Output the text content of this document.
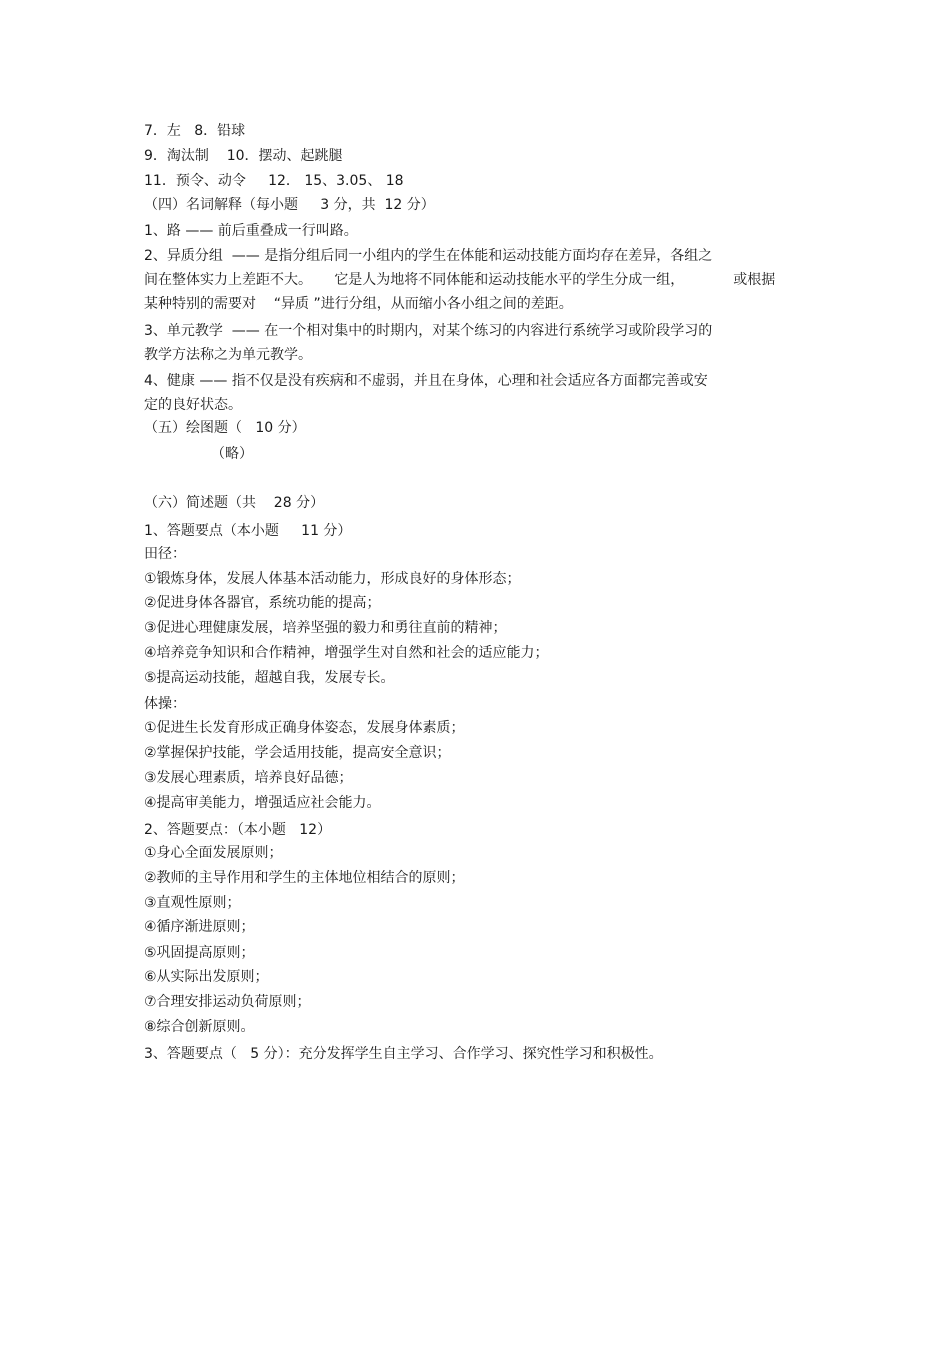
7．左   8．铅球
9．淘汰制    10．摆动、起跳腿
11．预令、动令     12． 15、3.05、 18
（四）名词解释（每小题     3 分，共  12 分）
1、路 —— 前后重叠成一行叫路。
2、异质分组  —— 是指分组后同一小组内的学生在体能和运动技能方面均存在差异，各组之
间在整体实力上差距不大。     它是人为地将不同体能和运动技能水平的学生分成一组，           或根据
某种特别的需要对    “异质 ”进行分组，从而缩小各小组之间的差距。
3、单元教学  —— 在一个相对集中的时期内，对某个练习的内容进行系统学习或阶段学习的
教学方法称之为单元教学。
4、健康 —— 指不仅是没有疾病和不虚弱，并且在身体，心理和社会适应各方面都完善或安
定的良好状态。
（五）绘图题（   10 分）
（略）
（六）简述题（共    28 分）
1、答题要点（本小题     11 分）
田径：
①锻炼身体，发展人体基本活动能力，形成良好的身体形态；
②促进身体各器官，系统功能的提高；
③促进心理健康发展，培养坚强的毅力和勇往直前的精神；
④培养竞争知识和合作精神，增强学生对自然和社会的适应能力；
⑤提高运动技能，超越自我，发展专长。
体操：
①促进生长发育形成正确身体姿态，发展身体素质；
②掌握保护技能，学会适用技能，提高安全意识；
③发展心理素质，培养良好品德；
④提高审美能力，增强适应社会能力。
2、答题要点：（本小题   12）
①身心全面发展原则；
②教师的主导作用和学生的主体地位相结合的原则；
③直观性原则；
④循序渐进原则；
⑤巩固提高原则；
⑥从实际出发原则；
⑦合理安排运动负荷原则；
⑧综合创新原则。
3、答题要点（   5 分）：充分发挥学生自主学习、合作学习、探究性学习和积极性。
